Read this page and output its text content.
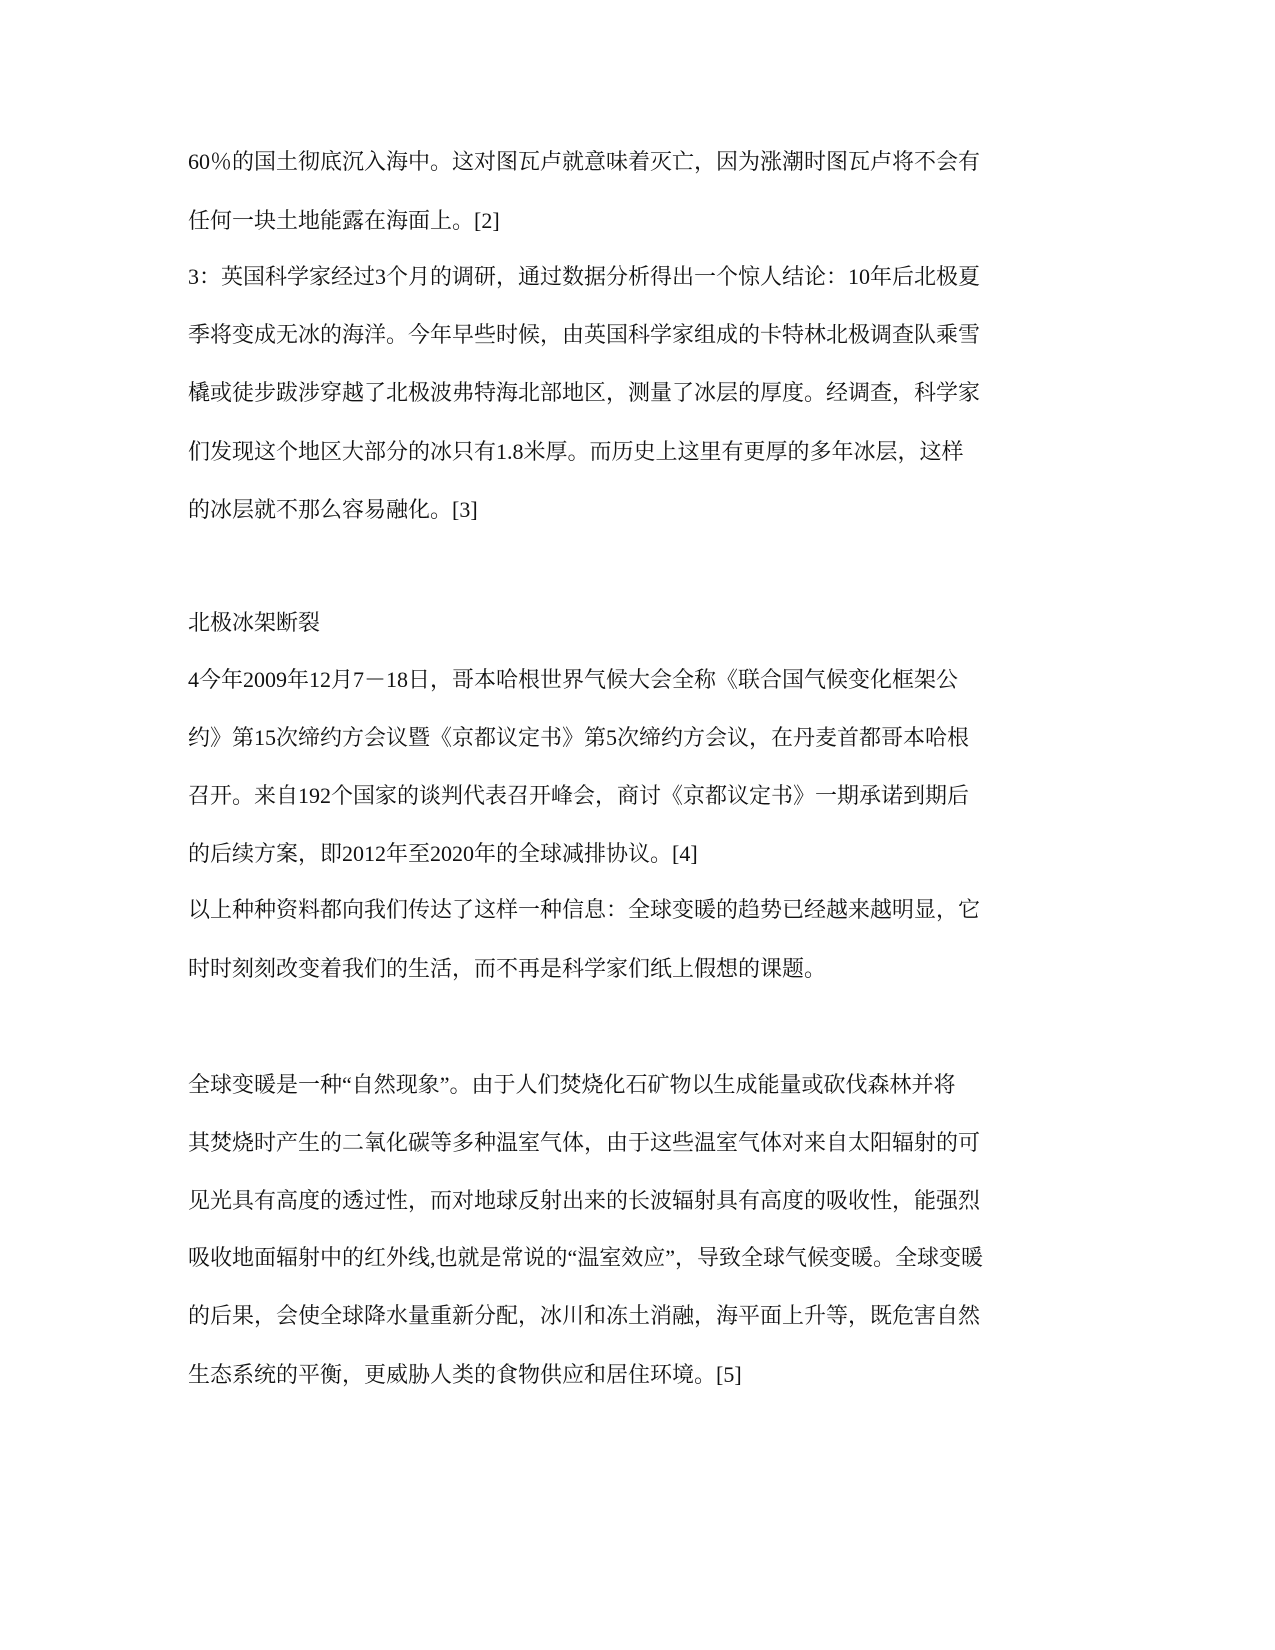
60％的国土彻底沉入海中。这对图瓦卢就意味着灭亡，因为涨潮时图瓦卢将不会有
任何一块土地能露在海面上。[2]
3：英国科学家经过3个月的调研，通过数据分析得出一个惊人结论：10年后北极夏
季将变成无冰的海洋。今年早些时候，由英国科学家组成的卡特林北极调查队乘雪
橇或徒步跋涉穿越了北极波弗特海北部地区，测量了冰层的厚度。经调查，科学家
们发现这个地区大部分的冰只有1.8米厚。而历史上这里有更厚的多年冰层，这样
的冰层就不那么容易融化。[3]
北极冰架断裂
4今年2009年12月7－18日，哥本哈根世界气候大会全称《联合国气候变化框架公
约》第15次缔约方会议暨《京都议定书》第5次缔约方会议，在丹麦首都哥本哈根
召开。来自192个国家的谈判代表召开峰会，商讨《京都议定书》一期承诺到期后
的后续方案，即2012年至2020年的全球减排协议。[4]
以上种种资料都向我们传达了这样一种信息：全球变暖的趋势已经越来越明显，它
时时刻刻改变着我们的生活，而不再是科学家们纸上假想的课题。
全球变暖是一种“自然现象”。由于人们焚烧化石矿物以生成能量或砍伐森林并将
其焚烧时产生的二氧化碳等多种温室气体，由于这些温室气体对来自太阳辐射的可
见光具有高度的透过性，而对地球反射出来的长波辐射具有高度的吸收性，能强烈
吸收地面辐射中的红外线,也就是常说的“温室效应”，导致全球气候变暖。全球变暖
的后果，会使全球降水量重新分配，冰川和冻土消融，海平面上升等，既危害自然
生态系统的平衡，更威胁人类的食物供应和居住环境。[5]
